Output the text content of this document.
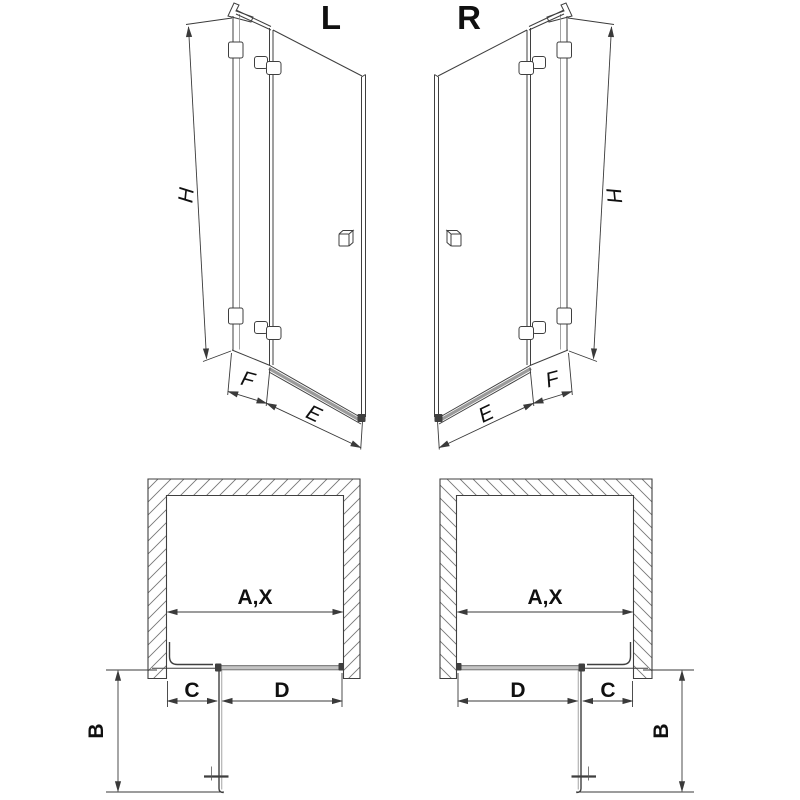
L	R
H
F
E
H
F
E
A,X
C	D
B
A,X
D	C
B
